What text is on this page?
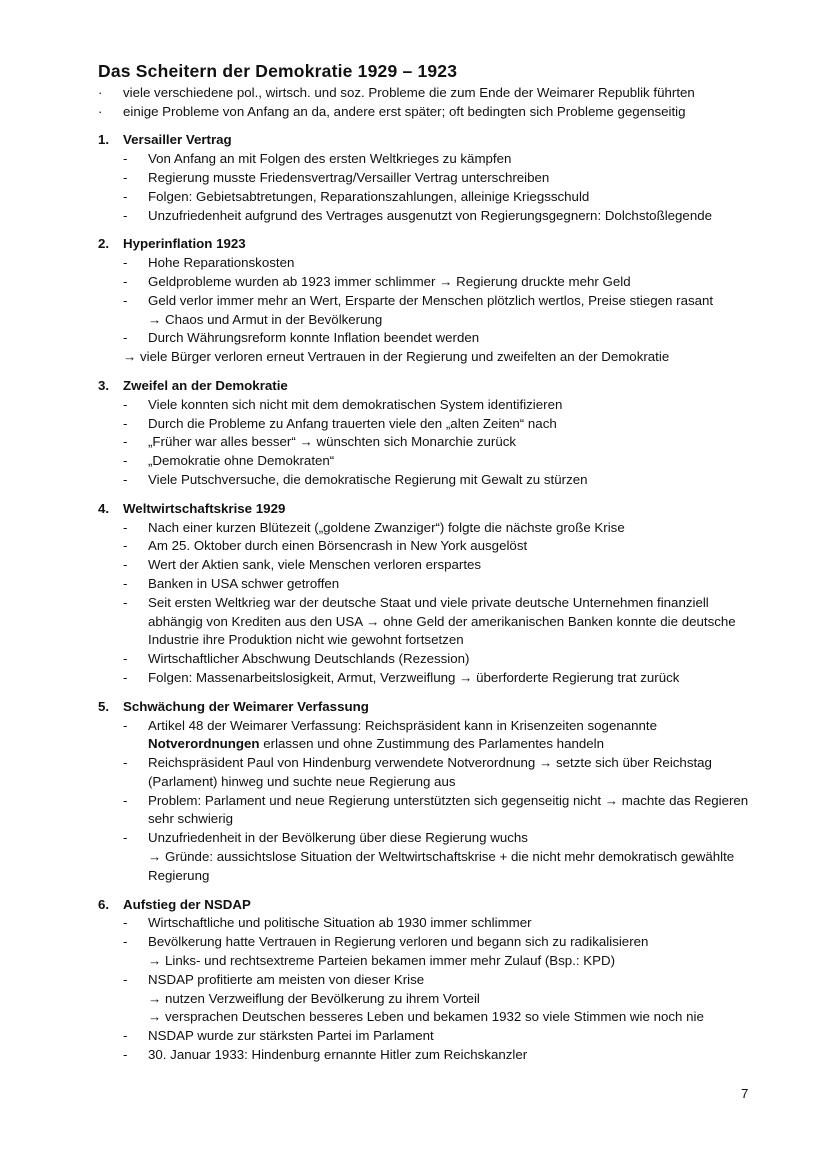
Das Scheitern der Demokratie 1929 – 1923
· viele verschiedene pol., wirtsch. und soz. Probleme die zum Ende der Weimarer Republik führten
· einige Probleme von Anfang an da, andere erst später; oft bedingten sich Probleme gegenseitig
1.	Versailler Vertrag
- Von Anfang an mit Folgen des ersten Weltkrieges zu kämpfen
- Regierung musste Friedensvertrag/Versailler Vertrag unterschreiben
- Folgen: Gebietsabtretungen, Reparationszahlungen, alleinige Kriegsschuld
- Unzufriedenheit aufgrund des Vertrages ausgenutzt von Regierungsgegnern: Dolchstoßlegende
2.	Hyperinflation 1923
- Hohe Reparationskosten
- Geldprobleme wurden ab 1923 immer schlimmer → Regierung druckte mehr Geld
- Geld verlor immer mehr an Wert, Ersparte der Menschen plötzlich wertlos, Preise stiegen rasant
→ Chaos und Armut in der Bevölkerung
- Durch Währungsreform konnte Inflation beendet werden
→ viele Bürger verloren erneut Vertrauen in der Regierung und zweifelten an der Demokratie
3.	Zweifel an der Demokratie
- Viele konnten sich nicht mit dem demokratischen System identifizieren
- Durch die Probleme zu Anfang trauerten viele den „alten Zeiten“ nach
- „Früher war alles besser“ → wünschten sich Monarchie zurück
- „Demokratie ohne Demokraten“
- Viele Putschversuche, die demokratische Regierung mit Gewalt zu stürzen
4.	Weltwirtschaftskrise 1929
- Nach einer kurzen Blütezeit („goldene Zwanziger“) folgte die nächste große Krise
- Am 25. Oktober durch einen Börsencrash in New York ausgelöst
- Wert der Aktien sank, viele Menschen verloren erspartes
- Banken in USA schwer getroffen
- Seit ersten Weltkrieg war der deutsche Staat und viele private deutsche Unternehmen finanziell abhängig von Krediten aus den USA → ohne Geld der amerikanischen Banken konnte die deutsche Industrie ihre Produktion nicht wie gewohnt fortsetzen
- Wirtschaftlicher Abschwung Deutschlands (Rezession)
- Folgen: Massenarbeitslosigkeit, Armut, Verzweiflung → überforderte Regierung trat zurück
5.	Schwächung der Weimarer Verfassung
- Artikel 48 der Weimarer Verfassung: Reichspräsident kann in Krisenzeiten sogenannte
Notverordnungen erlassen und ohne Zustimmung des Parlamentes handeln
- Reichspräsident Paul von Hindenburg verwendete Notverordnung → setzte sich über Reichstag (Parlament) hinweg und suchte neue Regierung aus
- Problem: Parlament und neue Regierung unterstützten sich gegenseitig nicht → machte das Regieren sehr schwierig
- Unzufriedenheit in der Bevölkerung über diese Regierung wuchs
→ Gründe: aussichtslose Situation der Weltwirtschaftskrise + die nicht mehr demokratisch gewählte Regierung
6.	Aufstieg der NSDAP
- Wirtschaftliche und politische Situation ab 1930 immer schlimmer
- Bevölkerung hatte Vertrauen in Regierung verloren und begann sich zu radikalisieren
→ Links- und rechtsextreme Parteien bekamen immer mehr Zulauf (Bsp.: KPD)
- NSDAP profitierte am meisten von dieser Krise
→ nutzen Verzweiflung der Bevölkerung zu ihrem Vorteil
→ versprachen Deutschen besseres Leben und bekamen 1932 so viele Stimmen wie noch nie
- NSDAP wurde zur stärksten Partei im Parlament
- 30. Januar 1933: Hindenburg ernannte Hitler zum Reichskanzler
7
